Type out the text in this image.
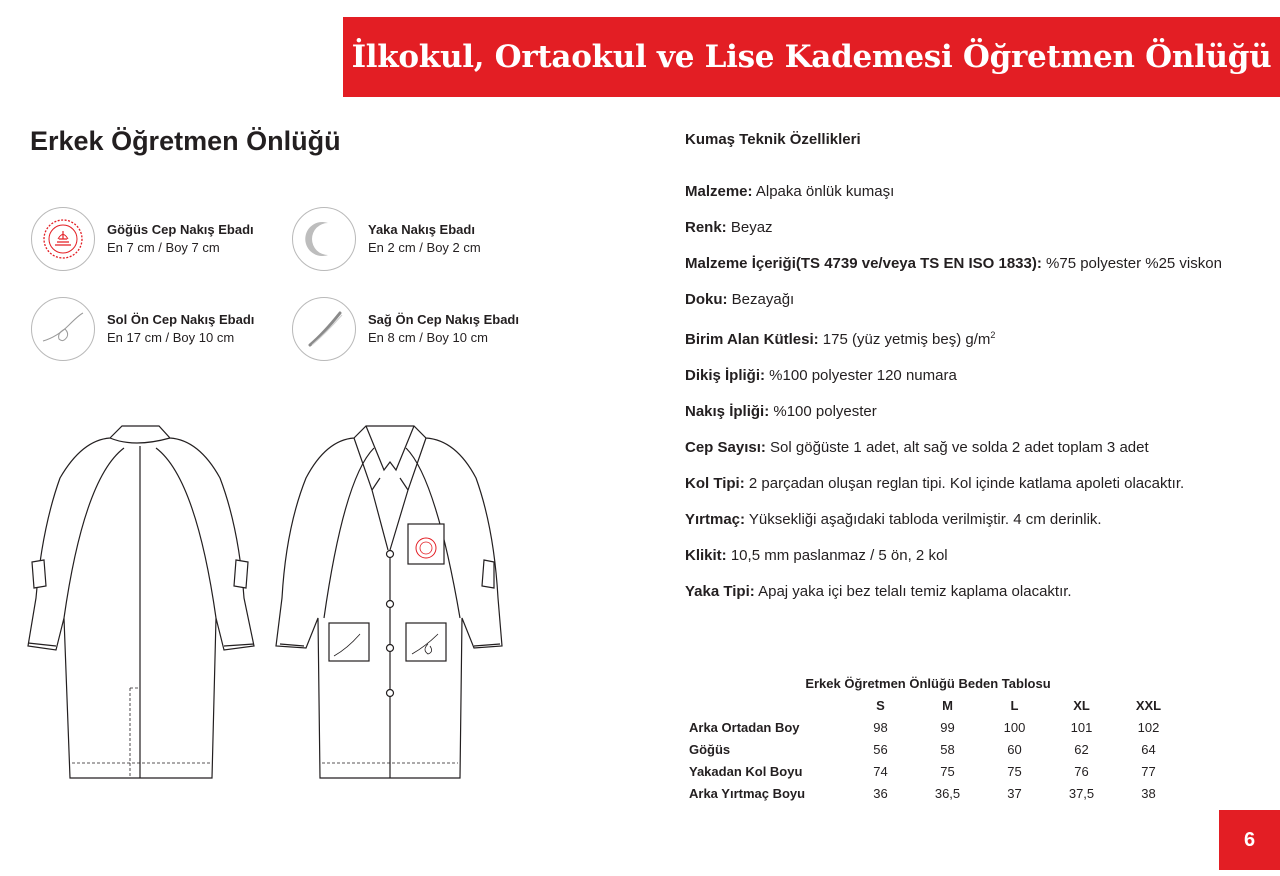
İlkokul, Ortaokul ve Lise Kademesi Öğretmen Önlüğü
Erkek Öğretmen Önlüğü
Göğüs Cep Nakış Ebadı
En 7 cm / Boy 7 cm
Yaka Nakış Ebadı
En 2 cm / Boy 2 cm
Sol Ön Cep Nakış Ebadı
En 17 cm / Boy 10 cm
Sağ Ön Cep Nakış Ebadı
En 8 cm / Boy 10 cm
Kumaş Teknik Özellikleri
Malzeme: Alpaka önlük kumaşı
Renk: Beyaz
Malzeme İçeriği(TS 4739 ve/veya TS EN ISO 1833): %75 polyester %25 viskon
Doku: Bezayağı
Birim Alan Kütlesi: 175 (yüz yetmiş beş) $g/m^2$
Dikiş İpliği: %100 polyester 120 numara
Nakış İpliği: %100 polyester
Cep Sayısı: Sol göğüste 1 adet, alt sağ ve solda 2 adet toplam 3 adet
Kol Tipi: 2 parçadan oluşan reglan tipi. Kol içinde katlama apoleti olacaktır.
Yırtmaç: Yüksekliği aşağıdaki tabloda verilmiştir. 4 cm derinlik.
Klikit: 10,5 mm paslanmaz / 5 ön, 2 kol
Yaka Tipi: Apaj yaka içi bez telalı temiz kaplama olacaktır.
Erkek Öğretmen Önlüğü Beden Tablosu
	S	M	L	XL	XXL
Arka Ortadan Boy	98	99	100	101	102
Göğüs	56	58	60	62	64
Yakadan Kol Boyu	74	75	75	76	77
Arka Yırtmaç Boyu	36	36,5	37	37,5	38
6
